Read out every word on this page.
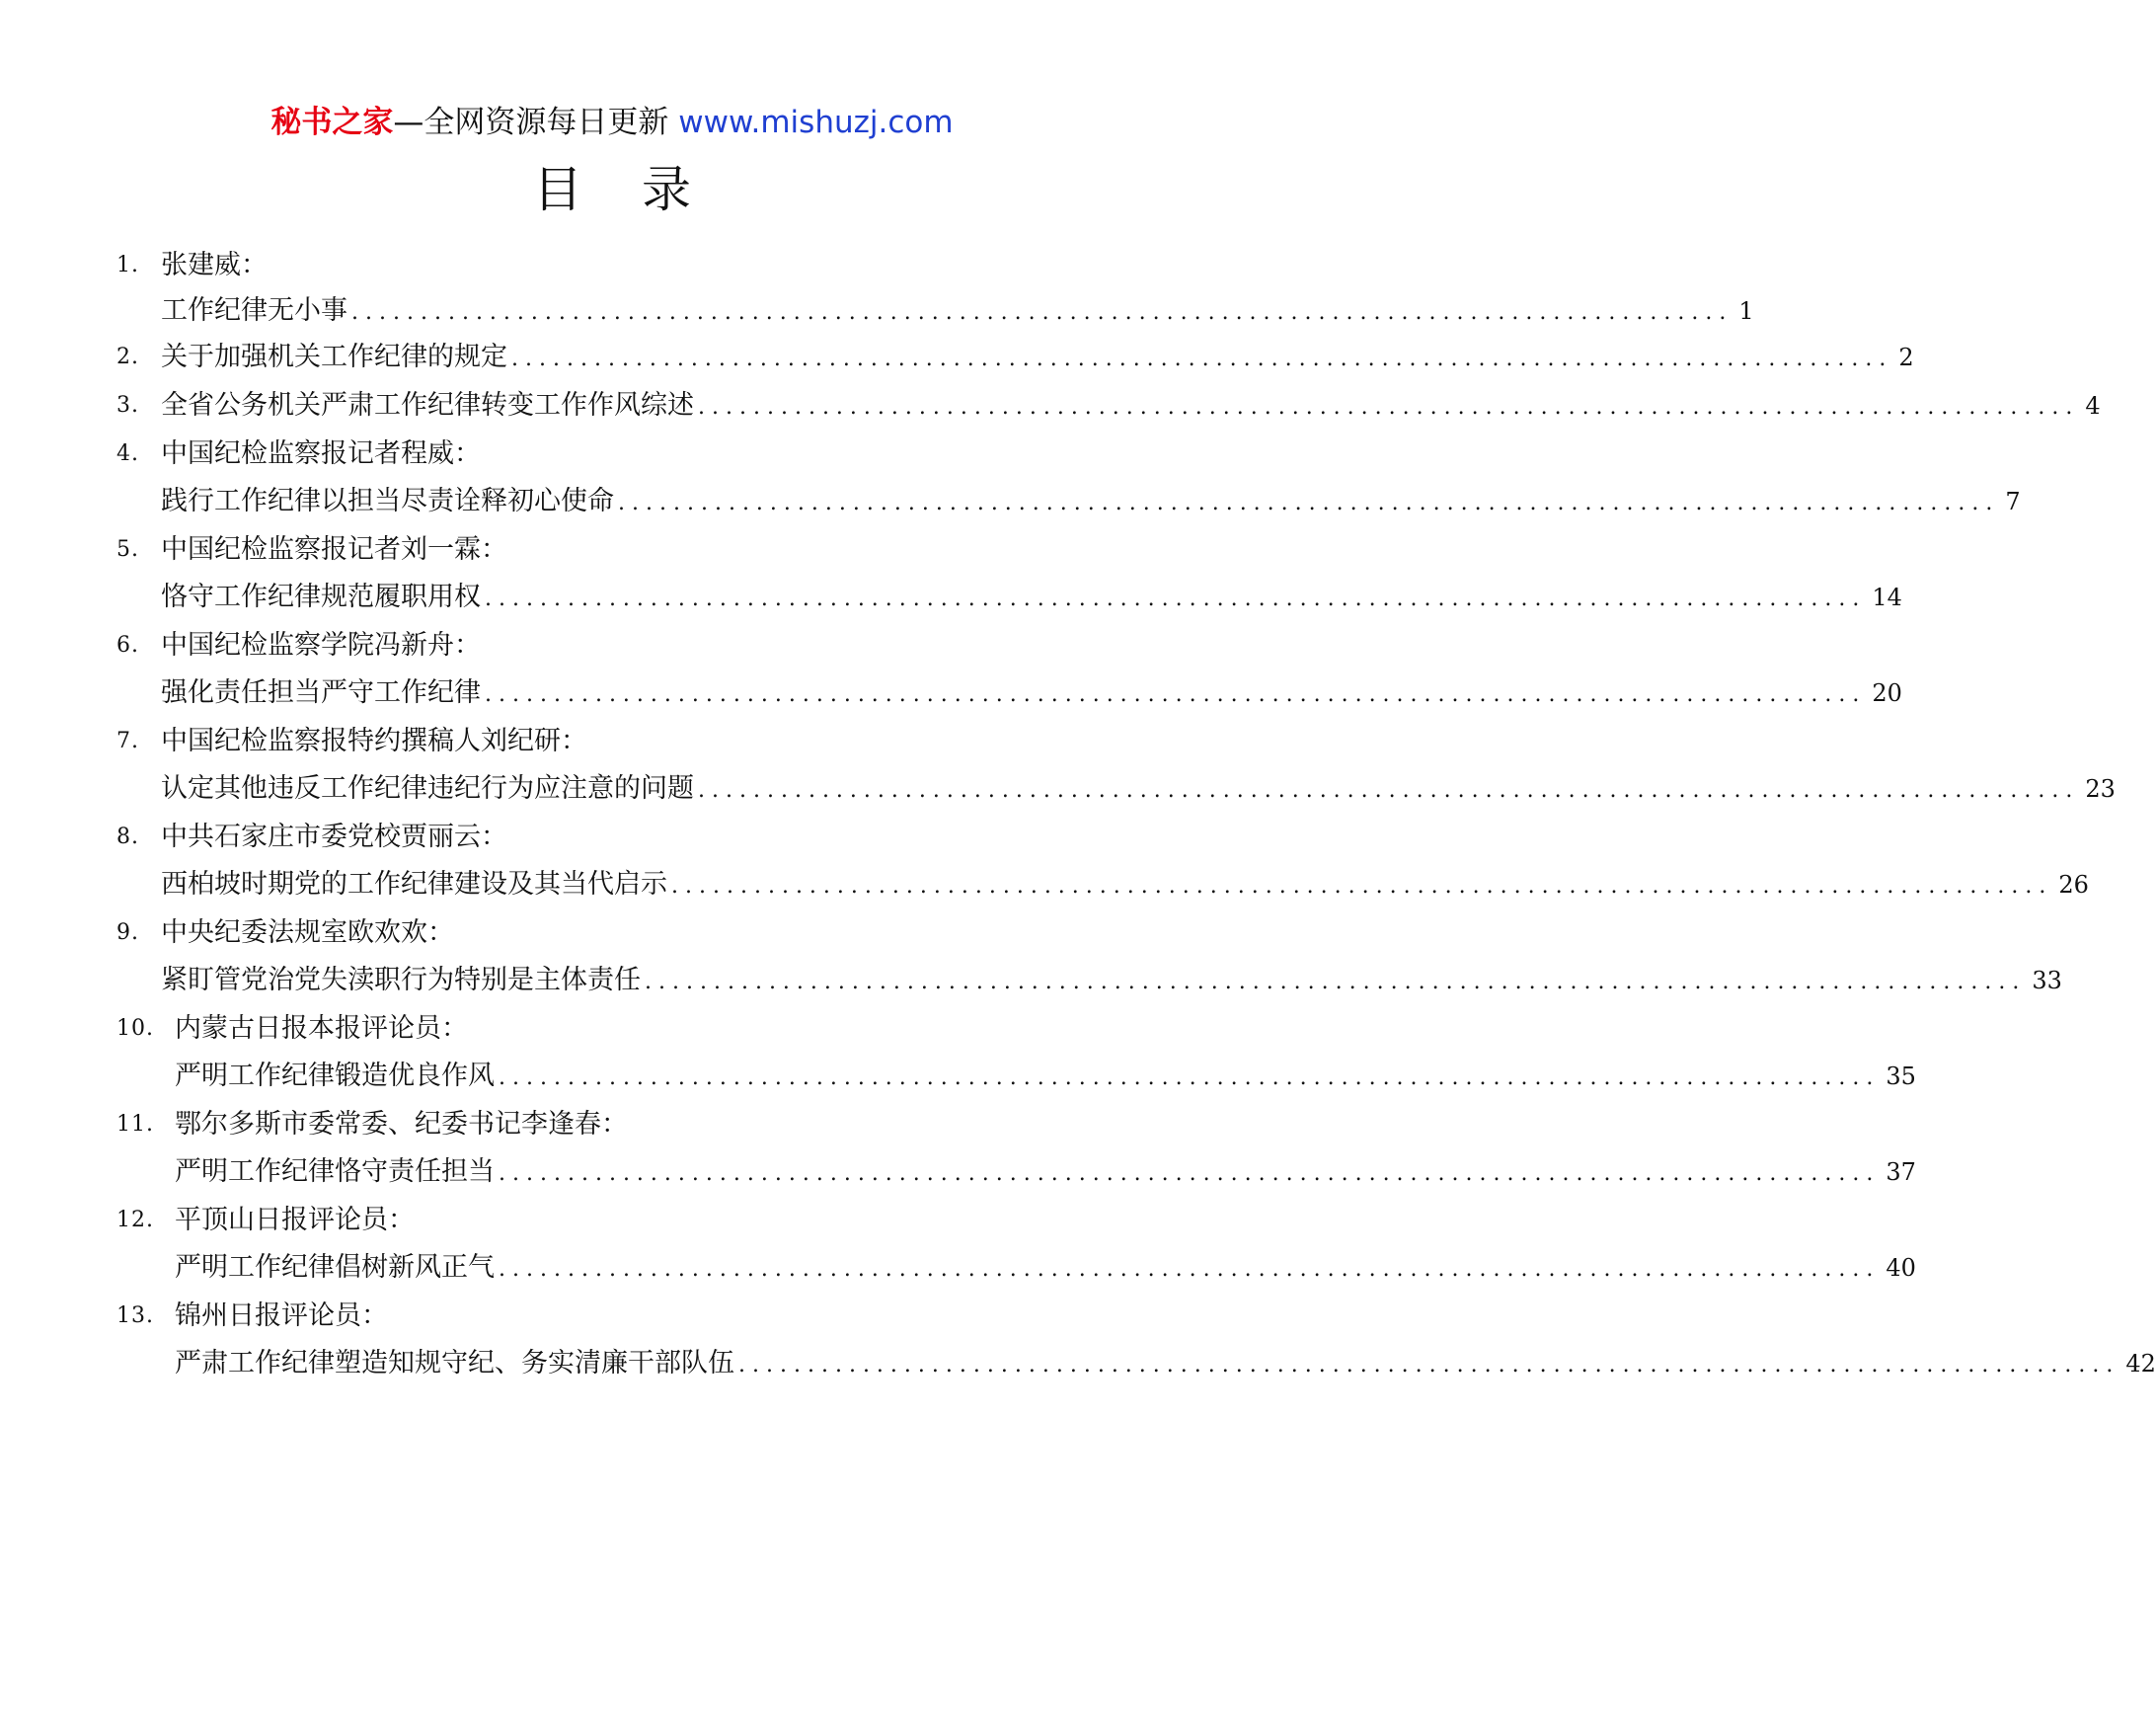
秘书之家—全网资源每日更新 www.mishuzj.com
目 录
1. 张建威：
工作纪律无小事 .................................................................................................... 1
2. 关于加强机关工作纪律的规定 .................................................................................................... 2
3. 全省公务机关严肃工作纪律转变工作作风综述 .................................................................................................... 4
4. 中国纪检监察报记者程威：
践行工作纪律以担当尽责诠释初心使命 .................................................................................................... 7
5. 中国纪检监察报记者刘一霖：
恪守工作纪律规范履职用权 .................................................................................................... 14
6. 中国纪检监察学院冯新舟：
强化责任担当严守工作纪律 .................................................................................................... 20
7. 中国纪检监察报特约撰稿人刘纪研：
认定其他违反工作纪律违纪行为应注意的问题 .................................................................................................... 23
8. 中共石家庄市委党校贾丽云：
西柏坡时期党的工作纪律建设及其当代启示 .................................................................................................... 26
9. 中央纪委法规室欧欢欢：
紧盯管党治党失渎职行为特别是主体责任 .................................................................................................... 33
10. 内蒙古日报本报评论员：
严明工作纪律锻造优良作风 .................................................................................................... 35
11. 鄂尔多斯市委常委、纪委书记李逢春：
严明工作纪律恪守责任担当 .................................................................................................... 37
12. 平顶山日报评论员：
严明工作纪律倡树新风正气 .................................................................................................... 40
13. 锦州日报评论员：
严肃工作纪律塑造知规守纪、务实清廉干部队伍 .................................................................................................... 42
